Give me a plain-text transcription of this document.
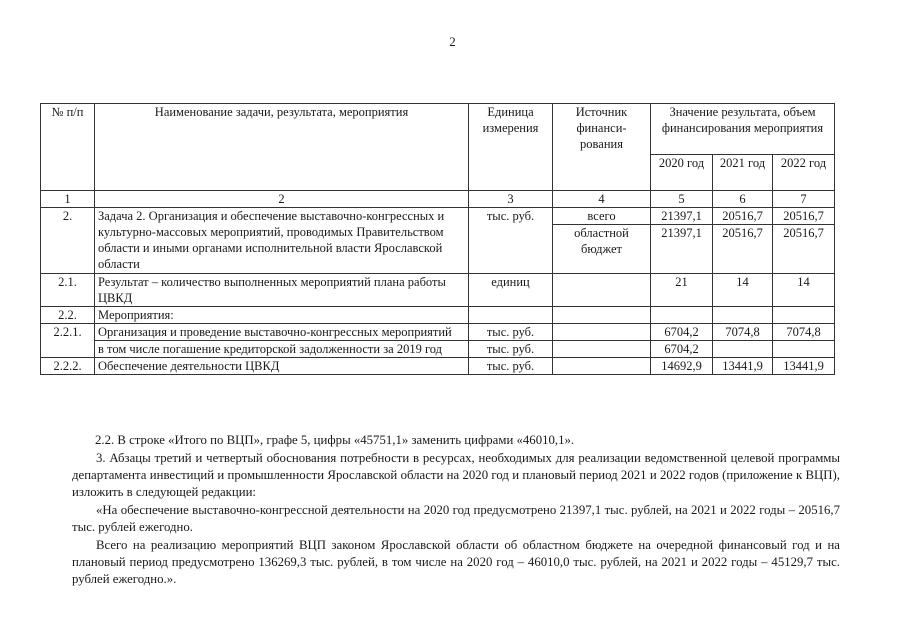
2
№ п/п	Наименование задачи, результата, мероприятия	Единица измерения	Источник финанси-рования	Значение результата, объем финансирования мероприятия		
				2020 год	2021 год	2022 год
1	2	3	4	5	6	7
2.	Задача 2. Организация и обеспечение выставочно-конгрессных и культурно-массовых мероприятий, проводимых Правительством области и иными органами исполнительной власти Ярославской области	тыс. руб.	всего	21397,1	20516,7	20516,7
			областной бюджет	21397,1	20516,7	20516,7
2.1.	Результат – количество выполненных мероприятий плана работы ЦВКД	единиц		21	14	14
2.2.	Мероприятия:					
2.2.1.	Организация и проведение выставочно-конгрессных мероприятий	тыс. руб.		6704,2	7074,8	7074,8
	в том числе погашение кредиторской задолженности за 2019 год	тыс. руб.		6704,2		
2.2.2.	Обеспечение деятельности ЦВКД	тыс. руб.		14692,9	13441,9	13441,9

2.2. В строке «Итого по ВЦП», графе 5, цифры «45751,1» заменить цифрами «46010,1».

3. Абзацы третий и четвертый обоснования потребности в ресурсах, необходимых для реализации ведомственной целевой программы департамента инвестиций и промышленности Ярославской области на 2020 год и плановый период 2021 и 2022 годов (приложение к ВЦП), изложить в следующей редакции:

«На обеспечение выставочно-конгрессной деятельности на 2020 год предусмотрено 21397,1 тыс. рублей, на 2021 и 2022 годы – 20516,7 тыс. рублей ежегодно.

Всего на реализацию мероприятий ВЦП законом Ярославской области об областном бюджете на очередной финансовый год и на плановый период предусмотрено 136269,3 тыс. рублей, в том числе на 2020 год – 46010,0 тыс. рублей, на 2021 и 2022 годы – 45129,7 тыс. рублей ежегодно.».
